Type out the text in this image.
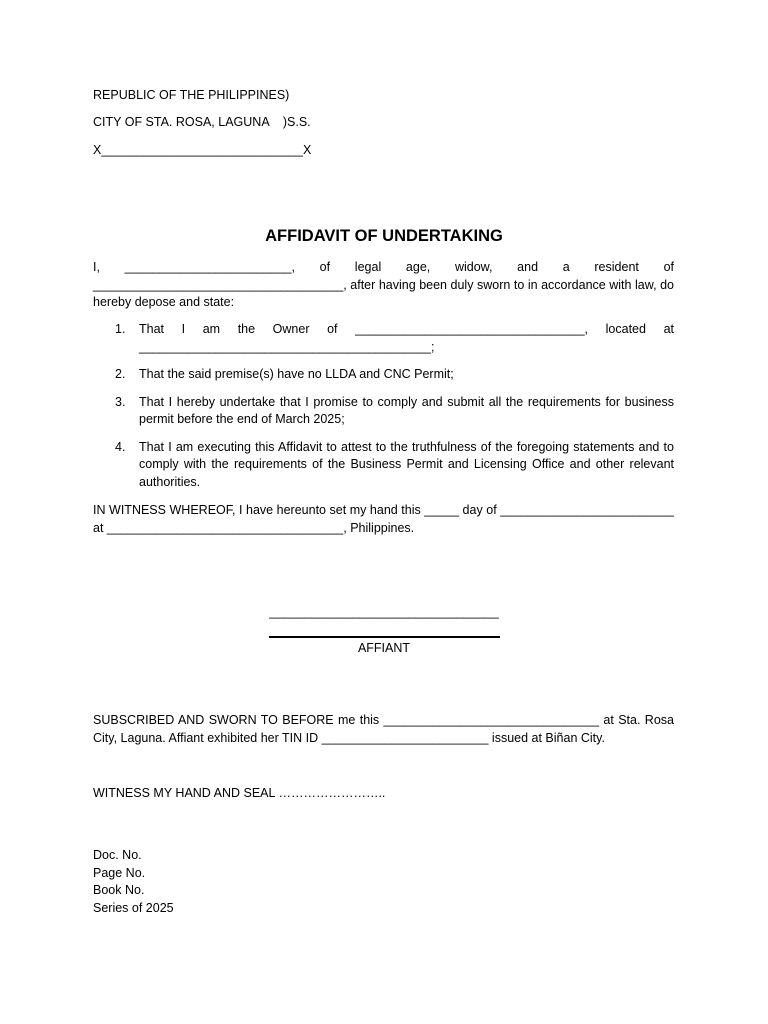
REPUBLIC OF THE PHILIPPINES)

CITY OF STA. ROSA, LAGUNA    )S.S.

X_____________________________X

AFFIDAVIT OF UNDERTAKING

I, ________________________, of legal age, widow, and a resident of ____________________________________, after having been duly sworn to in accordance with law, do hereby depose and state:

1. That I am the Owner of _________________________________, located at __________________________________________;
2. That the said premise(s) have no LLDA and CNC Permit;
3. That I hereby undertake that I promise to comply and submit all the requirements for business permit before the end of March 2025;
4. That I am executing this Affidavit to attest to the truthfulness of the foregoing statements and to comply with the requirements of the Business Permit and Licensing Office and other relevant authorities.

IN WITNESS WHEREOF, I have hereunto set my hand this _____ day of _________________________ at __________________________________, Philippines.

_________________________________

AFFIANT

SUBSCRIBED AND SWORN TO BEFORE me this _______________________________ at Sta. Rosa City, Laguna. Affiant exhibited her TIN ID ________________________ issued at Biñan City.

WITNESS MY HAND AND SEAL ……………………..

Doc. No.
Page No.
Book No.
Series of 2025
